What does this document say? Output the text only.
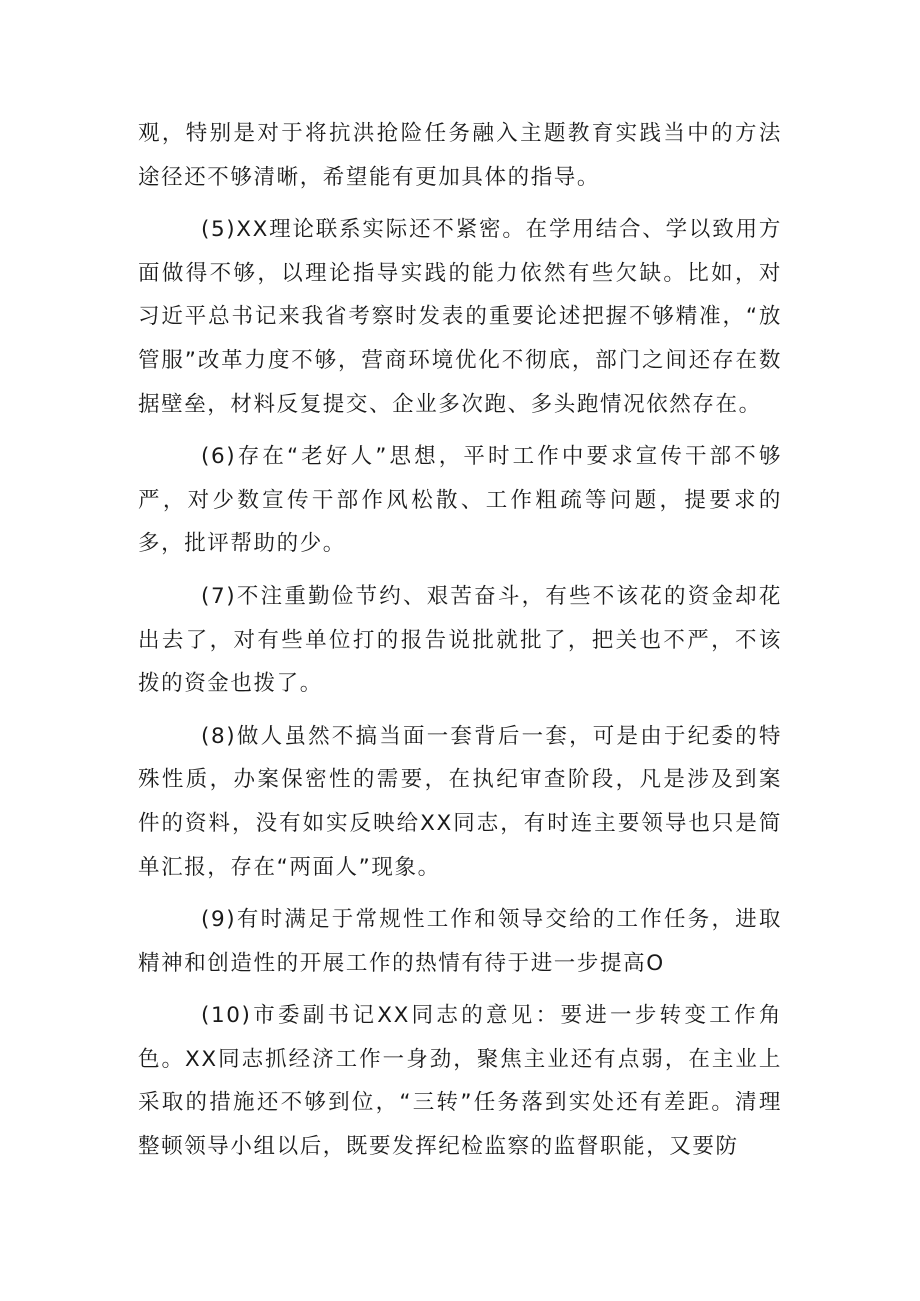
观，特别是对于将抗洪抢险任务融入主题教育实践当中的方法途径还不够清晰，希望能有更加具体的指导。

(5)XX理论联系实际还不紧密。在学用结合、学以致用方面做得不够，以理论指导实践的能力依然有些欠缺。比如，对习近平总书记来我省考察时发表的重要论述把握不够精准，“放管服”改革力度不够，营商环境优化不彻底，部门之间还存在数据壁垒，材料反复提交、企业多次跑、多头跑情况依然存在。

(6)存在“老好人”思想，平时工作中要求宣传干部不够严，对少数宣传干部作风松散、工作粗疏等问题，提要求的多，批评帮助的少。

(7)不注重勤俭节约、艰苦奋斗，有些不该花的资金却花出去了，对有些单位打的报告说批就批了，把关也不严，不该拨的资金也拨了。

(8)做人虽然不搞当面一套背后一套，可是由于纪委的特殊性质，办案保密性的需要，在执纪审查阶段，凡是涉及到案件的资料，没有如实反映给XX同志，有时连主要领导也只是简单汇报，存在“两面人”现象。

(9)有时满足于常规性工作和领导交给的工作任务，进取精神和创造性的开展工作的热情有待于进一步提高O

(10)市委副书记XX同志的意见：要进一步转变工作角色。XX同志抓经济工作一身劲，聚焦主业还有点弱，在主业上采取的措施还不够到位，“三转”任务落到实处还有差距。清理整顿领导小组以后，既要发挥纪检监察的监督职能，又要防
